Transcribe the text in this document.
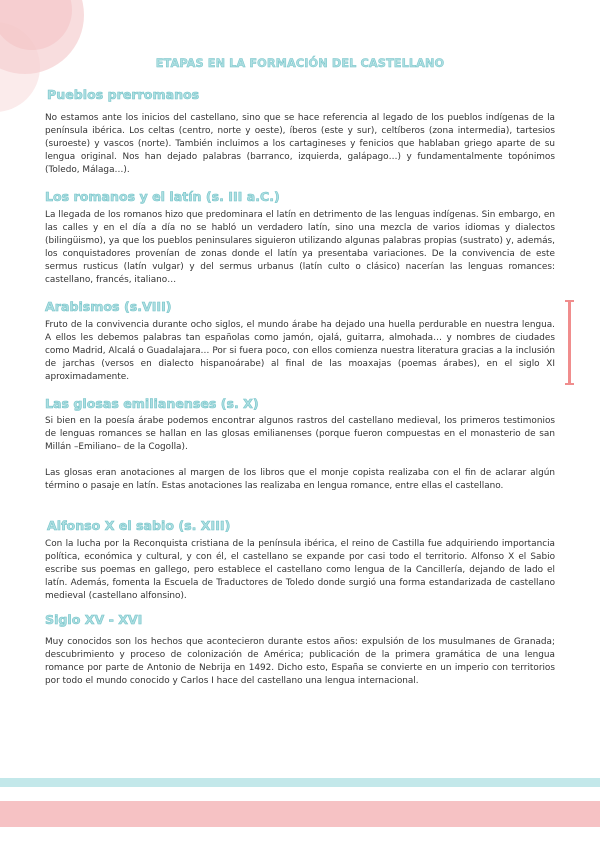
ETAPAS EN LA FORMACIÓN DEL CASTELLANO
Pueblos prerromanos
No estamos ante los inicios del castellano, sino que se hace referencia al legado de los pueblos indígenas de la península ibérica. Los celtas (centro, norte y oeste), íberos (este y sur), celtíberos (zona intermedia), tartesios (suroeste) y vascos (norte). También incluimos a los cartagineses y fenicios que hablaban griego aparte de su lengua original. Nos han dejado palabras (barranco, izquierda, galápago…) y fundamentalmente topónimos (Toledo, Málaga…).
Los romanos y el latín (s. III a.C.)
La llegada de los romanos hizo que predominara el latín en detrimento de las lenguas indígenas. Sin embargo, en las calles y en el día a día no se habló un verdadero latín, sino una mezcla de varios idiomas y dialectos (bilingüismo), ya que los pueblos peninsulares siguieron utilizando algunas palabras propias (sustrato) y, además, los conquistadores provenían de zonas donde el latín ya presentaba variaciones. De la convivencia de este sermus rusticus (latín vulgar) y del sermus urbanus (latín culto o clásico) nacerían las lenguas romances: castellano, francés, italiano…
Arabismos (s.VIII)
Fruto de la convivencia durante ocho siglos, el mundo árabe ha dejado una huella perdurable en nuestra lengua. A ellos les debemos palabras tan españolas como jamón, ojalá, guitarra, almohada… y nombres de ciudades como Madrid, Alcalá o Guadalajara… Por si fuera poco, con ellos comienza nuestra literatura gracias a la inclusión de jarchas (versos en dialecto hispanoárabe) al final de las moaxajas (poemas árabes), en el siglo XI aproximadamente.
Las glosas emilianenses (s. X)
Si bien en la poesía árabe podemos encontrar algunos rastros del castellano medieval, los primeros testimonios de lenguas romances se hallan en las glosas emilianenses (porque fueron compuestas en el monasterio de san Millán –Emiliano– de la Cogolla).
Las glosas eran anotaciones al margen de los libros que el monje copista realizaba con el fin de aclarar algún término o pasaje en latín. Estas anotaciones las realizaba en lengua romance, entre ellas el castellano.
Alfonso X el sabio (s. XIII)
Con la lucha por la Reconquista cristiana de la península ibérica, el reino de Castilla fue adquiriendo importancia política, económica y cultural, y con él, el castellano se expande por casi todo el territorio. Alfonso X el Sabio escribe sus poemas en gallego, pero establece el castellano como lengua de la Cancillería, dejando de lado el latín. Además, fomenta la Escuela de Traductores de Toledo donde surgió una forma estandarizada de castellano medieval (castellano alfonsino).
Siglo XV - XVI
Muy conocidos son los hechos que acontecieron durante estos años: expulsión de los musulmanes de Granada; descubrimiento y proceso de colonización de América; publicación de la primera gramática de una lengua romance por parte de Antonio de Nebrija en 1492. Dicho esto, España se convierte en un imperio con territorios por todo el mundo conocido y Carlos I hace del castellano una lengua internacional.
